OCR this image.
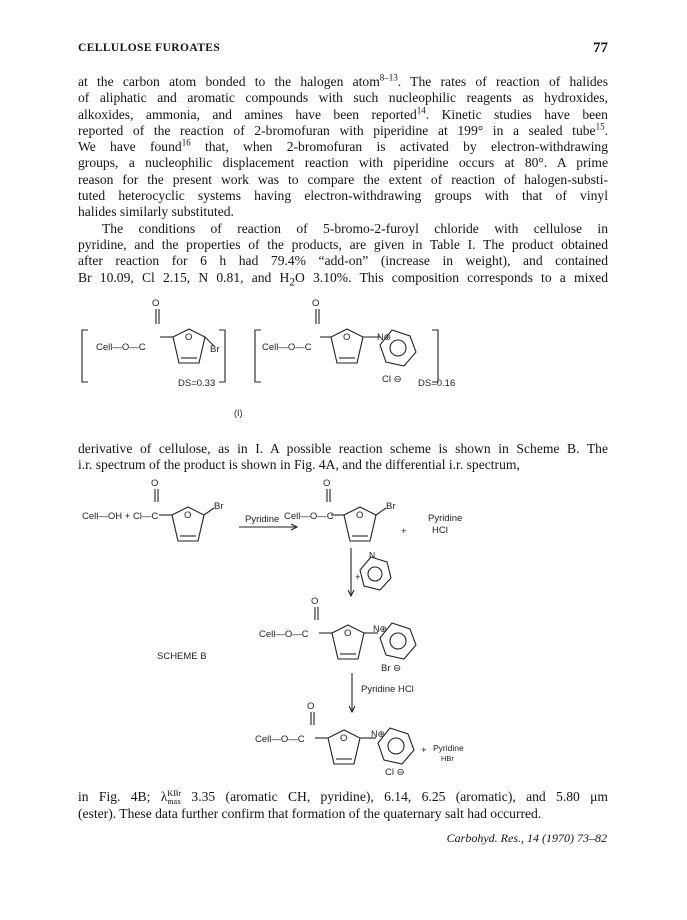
CELLULOSE FUROATES	77

at the carbon atom bonded to the halogen atom$^{8-13}$. The rates of reaction of halides
of aliphatic and aromatic compounds with such nucleophilic reagents as hydroxides,
alkoxides, ammonia, and amines have been reported$^{14}$. Kinetic studies have been
reported of the reaction of 2-bromofuran with piperidine at 199° in a sealed tube$^{15}$.
We have found$^{16}$ that, when 2-bromofuran is activated by electron-withdrawing
groups, a nucleophilic displacement reaction with piperidine occurs at 80°. A prime
reason for the present work was to compare the extent of reaction of halogen-substi-
tuted heterocyclic systems having electron-withdrawing groups with that of vinyl
halides similarly substituted.
The conditions of reaction of 5-bromo-2-furoyl chloride with cellulose in
pyridine, and the properties of the products, are given in Table I. The product obtained
after reaction for 6 h had 79.4% “add-on” (increase in weight), and contained
Br 10.09, Cl 2.15, N 0.81, and $H_2O$ 3.10%. This composition corresponds to a mixed

Cell—O—C
O
O
Br
DS=0.33
Cell—O—C
O
O	N⊕
Cl ⊖ DS=0.16
(I)

derivative of cellulose, as in I. A possible reaction scheme is shown in Scheme B. The
i.r. spectrum of the product is shown in Fig. 4A, and the differential i.r. spectrum,

Cell—OH + Cl—C
O
O
Br
Pyridine Cell—O—C
O
O
Br
+
Pyridine
HCl
+
N
Cell—O—C
O
O N⊕
Br ⊖
SCHEME B
Pyridine HCl
Cell—O—C
O
O	N⊕
+ Pyridine
HBr
Cl ⊖

in Fig. 4B; λ KBr
max 3.35 (aromatic CH, pyridine), 6.14, 6.25 (aromatic), and 5.80 μm
(ester). These data further confirm that formation of the quaternary salt had occurred.

Carbohyd. Res., 14 (1970) 73–82
